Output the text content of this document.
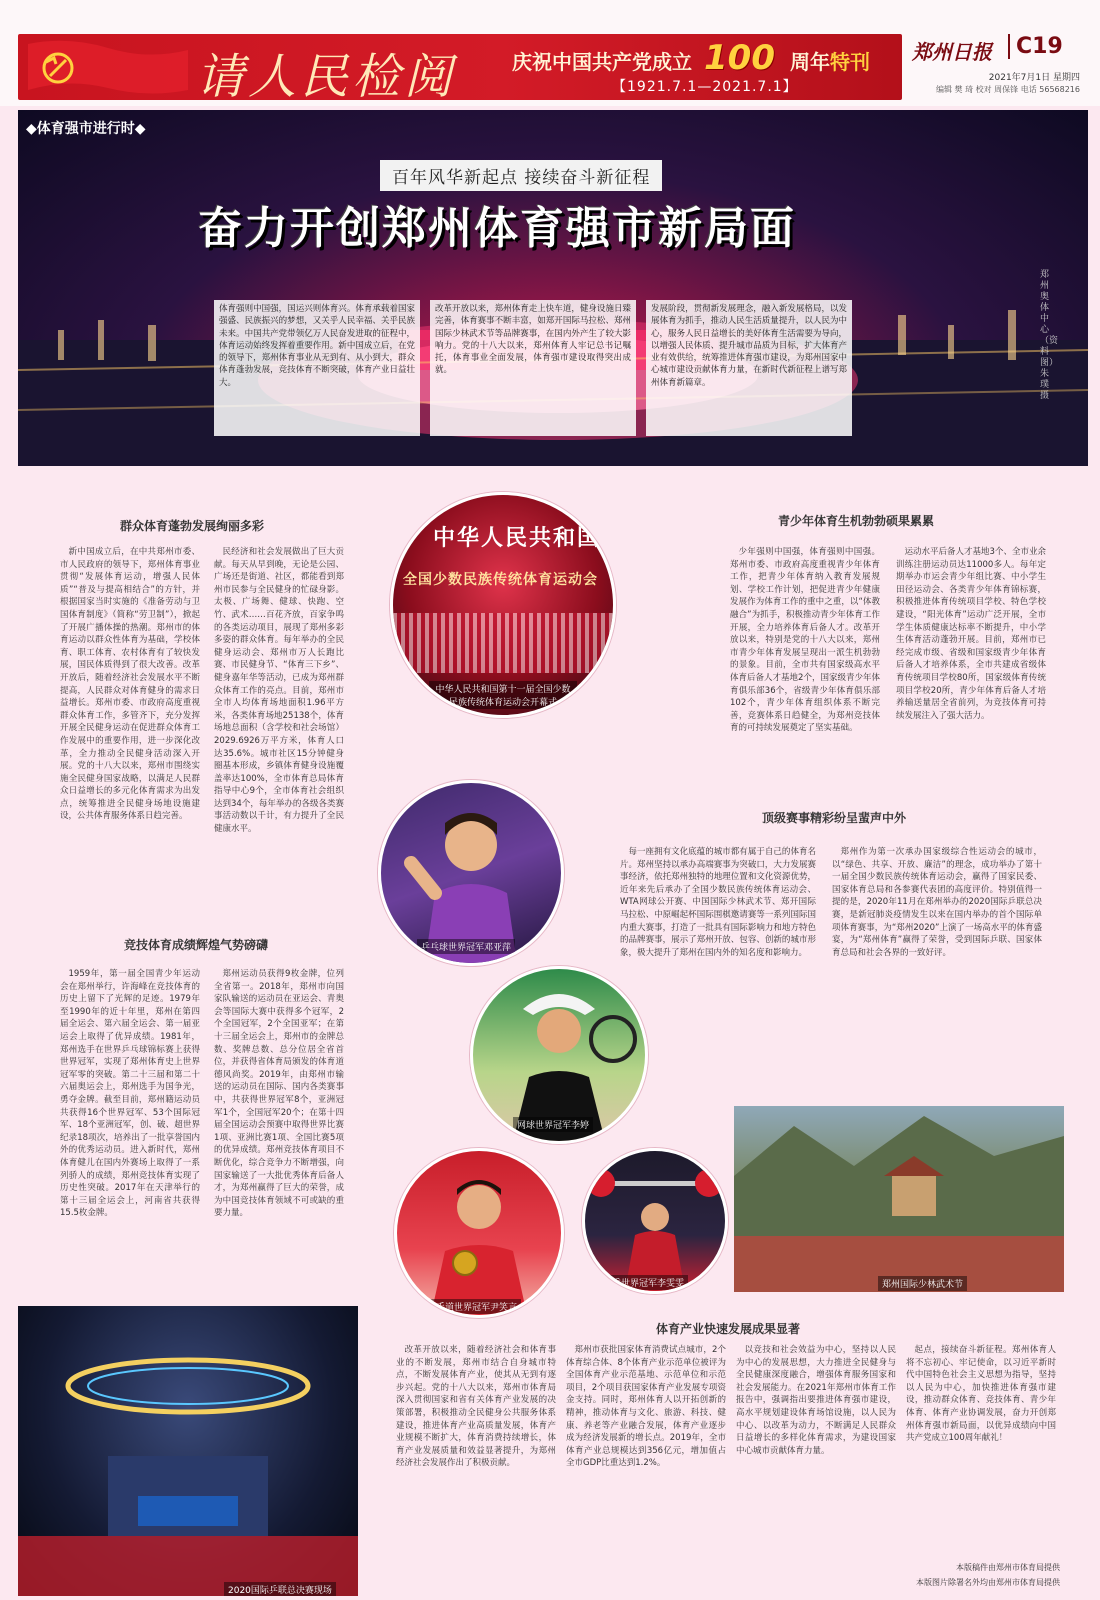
请人民检阅	庆祝中国共产党成立 100 周年特刊
【1921.7.1—2021.7.1】
郑州日报	C19
2021年7月1日 星期四
编辑 樊 琦 校对 周保锋 电话 56568216
◆体育强市进行时◆
百年风华新起点 接续奋斗新征程
奋力开创郑州体育强市新局面
郑州奥体中心（资料图）朱璞 摄
体育强则中国强，国运兴则体育兴。体育承载着国家强盛、民族振兴的梦想，又关乎人民幸福、关乎民族未来。中国共产党带领亿万人民奋发进取的征程中，体育运动始终发挥着重要作用。新中国成立后，在党的领导下，郑州体育事业从无到有、从小到大，群众体育蓬勃发展，竞技体育不断突破，体育产业日益壮大。
改革开放以来，郑州体育走上快车道，健身设施日臻完善，体育赛事不断丰富，如郑开国际马拉松、郑州国际少林武术节等品牌赛事，在国内外产生了较大影响力。党的十八大以来，郑州体育人牢记总书记嘱托，体育事业全面发展，体育强市建设取得突出成就。
发展阶段，贯彻新发展理念，融入新发展格局，以发展体育为抓手，推动人民生活质量提升，以人民为中心，服务人民日益增长的美好体育生活需要为导向，以增强人民体质、提升城市品质为目标，扩大体育产业有效供给，统筹推进体育强市建设，为郑州国家中心城市建设贡献体育力量，在新时代新征程上谱写郑州体育新篇章。
群众体育蓬勃发展绚丽多彩
新中国成立后，在中共郑州市委、市人民政府的领导下，郑州体育事业贯彻“发展体育运动，增强人民体质”“普及与提高相结合”的方针，并根据国家当时实施的《准备劳动与卫国体育制度》（简称“劳卫制”），掀起了开展广播体操的热潮。郑州市的体育运动以群众性体育为基础，学校体育、职工体育、农村体育有了较快发展，国民体质得到了很大改善。改革开放后，随着经济社会发展水平不断提高，人民群众对体育健身的需求日益增长。郑州市委、市政府高度重视群众体育工作，多管齐下，充分发挥开展全民健身运动在促进群众体育工作发展中的重要作用，进一步深化改革，全力推动全民健身活动深入开展。党的十八大以来，郑州市围绕实施全民健身国家战略，以满足人民群众日益增长的多元化体育需求为出发点，统筹推进全民健身场地设施建设，公共体育服务体系日趋完善。
民经济和社会发展做出了巨大贡献。每天从早到晚，无论是公园、广场还是街道、社区，都能看到郑州市民参与全民健身的忙碌身影。太极、广场舞、健球、快跑、空竹、武术……百花齐放，百家争鸣的各类运动项目，展现了郑州多彩多姿的群众体育。每年举办的全民健身运动会、郑州市万人长跑比赛、市民健身节、“体育三下乡”、健身嘉年华等活动，已成为郑州群众体育工作的亮点。目前，郑州市全市人均体育场地面积1.96平方米，各类体育场地25138个，体育场地总面积（含学校和社会场馆）2029.6926万平方米，体育人口达35.6%。城市社区15分钟健身圈基本形成，乡镇体育健身设施覆盖率达100%，全市体育总局体育指导中心9个，全市体育社会组织达到34个，每年举办的各级各类赛事活动数以千计，有力提升了全民健康水平。
竞技体育成绩辉煌气势磅礴
1959年，第一届全国青少年运动会在郑州举行，许海峰在竞技体育的历史上留下了光辉的足迹。1979年至1990年的近十年里，郑州在第四届全运会、第六届全运会、第一届亚运会上取得了优异成绩。1981年，郑州选手在世界乒乓球锦标赛上获得世界冠军，实现了郑州体育史上世界冠军零的突破。第二十三届和第二十六届奥运会上，郑州选手为国争光，勇夺金牌。截至目前，郑州籍运动员共获得16个世界冠军、53个国际冠军、18个亚洲冠军，创、破、超世界纪录18项次，培养出了一批享誉国内外的优秀运动员。进入新时代，郑州体育健儿在国内外赛场上取得了一系列骄人的成绩，郑州竞技体育实现了历史性突破。2017年在天津举行的第十三届全运会上，河南省共获得15.5枚金牌。
郑州运动员获得9枚金牌，位列全省第一。2018年，郑州市向国家队输送的运动员在亚运会、青奥会等国际大赛中获得多个冠军，2个全国冠军，2个全国亚军；在第十三届全运会上，郑州市的金牌总数、奖牌总数、总分位居全省首位，并获得省体育局颁发的体育道德风尚奖。2019年，由郑州市输送的运动员在国际、国内各类赛事中，共获得世界冠军8个，亚洲冠军1个，全国冠军20个；在第十四届全国运动会预赛中取得世界比赛1项、亚洲比赛1项、全国比赛5项的优异成绩。郑州竞技体育项目不断优化，综合竞争力不断增强，向国家输送了一大批优秀体育后备人才，为郑州赢得了巨大的荣誉，成为中国竞技体育领域不可或缺的重要力量。
青少年体育生机勃勃硕果累累
少年强则中国强，体育强则中国强。郑州市委、市政府高度重视青少年体育工作，把青少年体育纳入教育发展规划、学校工作计划，把促进青少年健康发展作为体育工作的重中之重，以“体教融合”为抓手，积极推动青少年体育工作开展，全力培养体育后备人才。改革开放以来，特别是党的十八大以来，郑州市青少年体育发展呈现出一派生机勃勃的景象。目前，全市共有国家级高水平体育后备人才基地2个，国家级青少年体育俱乐部36个，省级青少年体育俱乐部102个，青少年体育组织体系不断完善，竞赛体系日趋健全，为郑州竞技体育的可持续发展奠定了坚实基础。
运动水平后备人才基地3个、全市业余训练注册运动员达11000多人。每年定期举办市运会青少年组比赛、中小学生田径运动会、各类青少年体育锦标赛，积极推进体育传统项目学校、特色学校建设，“阳光体育”运动广泛开展，全市学生体质健康达标率不断提升，中小学生体育活动蓬勃开展。目前，郑州市已经完成市级、省级和国家级青少年体育后备人才培养体系，全市共建成省级体育传统项目学校80所，国家级体育传统项目学校20所，青少年体育后备人才培养输送量居全省前列，为竞技体育可持续发展注入了强大活力。
顶级赛事精彩纷呈蜚声中外
每一座拥有文化底蕴的城市都有属于自己的体育名片。郑州坚持以承办高端赛事为突破口，大力发展赛事经济，依托郑州独特的地理位置和文化资源优势，近年来先后承办了全国少数民族传统体育运动会、WTA网球公开赛、中国国际少林武术节、郑开国际马拉松、中原崛起杯国际围棋邀请赛等一系列国际国内重大赛事，打造了一批具有国际影响力和地方特色的品牌赛事，展示了郑州开放、包容、创新的城市形象，极大提升了郑州在国内外的知名度和影响力。
郑州作为第一次承办国家级综合性运动会的城市，以“绿色、共享、开放、廉洁”的理念，成功举办了第十一届全国少数民族传统体育运动会，赢得了国家民委、国家体育总局和各参赛代表团的高度评价。特别值得一提的是，2020年11月在郑州举办的2020国际乒联总决赛，是新冠肺炎疫情发生以来在国内举办的首个国际单项体育赛事，为“郑州2020”上演了一场高水平的体育盛宴，为“郑州体育”赢得了荣誉，受到国际乒联、国家体育总局和社会各界的一致好评。
体育产业快速发展成果显著
改革开放以来，随着经济社会和体育事业的不断发展，郑州市结合自身城市特点，不断发展体育产业，使其从无到有逐步兴起。党的十八大以来，郑州市体育局深入贯彻国家和省有关体育产业发展的决策部署，积极推动全民健身公共服务体系建设，推进体育产业高质量发展，体育产业规模不断扩大，体育消费持续增长，体育产业发展质量和效益显著提升，为郑州经济社会发展作出了积极贡献。
郑州市获批国家体育消费试点城市，2个体育综合体、8个体育产业示范单位被评为全国体育产业示范基地、示范单位和示范项目，2个项目获国家体育产业发展专项资金支持。同时，郑州体育人以开拓创新的精神，推动体育与文化、旅游、科技、健康、养老等产业融合发展，体育产业逐步成为经济发展新的增长点。2019年，全市体育产业总规模达到356亿元，增加值占全市GDP比重达到1.2%。
以竞技和社会效益为中心，坚持以人民为中心的发展思想，大力推进全民健身与全民健康深度融合，增强体育服务国家和社会发展能力。在2021年郑州市体育工作报告中，强调指出要推进体育强市建设，高水平规划建设体育场馆设施，以人民为中心、以改革为动力，不断满足人民群众日益增长的多样化体育需求，为建设国家中心城市贡献体育力量。
起点，接续奋斗新征程。郑州体育人将不忘初心、牢记使命，以习近平新时代中国特色社会主义思想为指导，坚持以人民为中心，加快推进体育强市建设，推动群众体育、竞技体育、青少年体育、体育产业协调发展，奋力开创郑州体育强市新局面，以优异成绩向中国共产党成立100周年献礼！
本版稿件由郑州市体育局提供
本版图片除署名外均由郑州市体育局提供
中华人民共和国
全国少数民族传统体育运动会
中华人民共和国第十一届全国少数民族传统体育运动会开幕式
乒乓球世界冠军邓亚萍
网球世界冠军李婷
空手道世界冠军尹笑言
举重世界冠军李雯雯	郑州国际少林武术节
2020国际乒联总决赛现场
